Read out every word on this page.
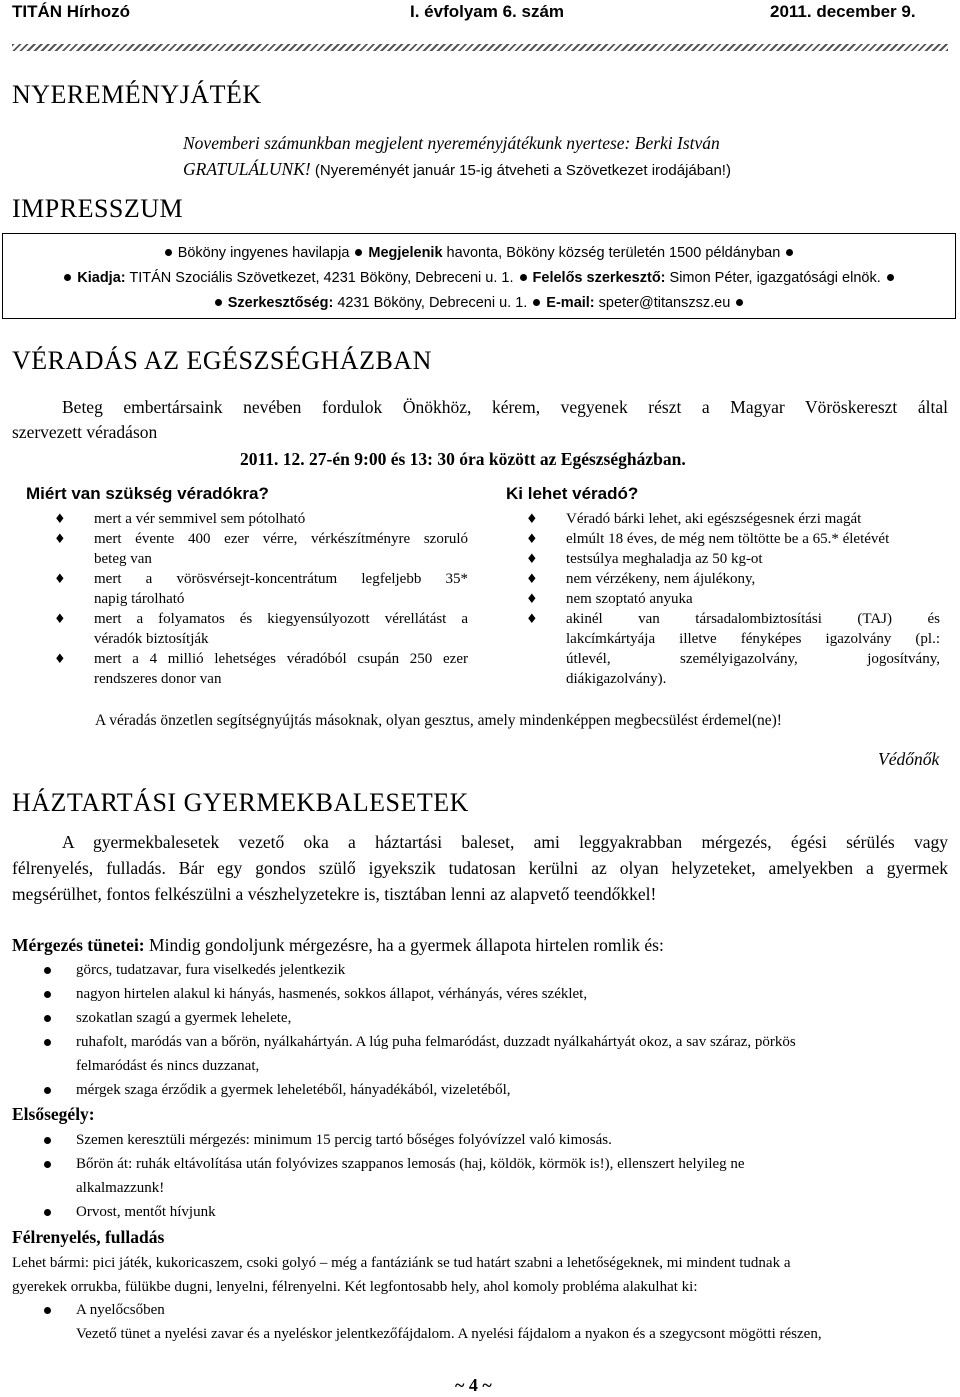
TITÁN Hírhozó	I. évfolyam 6. szám	2011. december 9.
NYEREMÉNYJÁTÉK
Novemberi számunkban megjelent nyereményjátékunk nyertese: Berki István
GRATULÁLUNK! (Nyereményét január 15-ig átveheti a Szövetkezet irodájában!)
IMPRESSZUM
Bököny ingyenes havilapja Megjelenik havonta, Bököny község területén 1500 példányban
Kiadja: TITÁN Szociális Szövetkezet, 4231 Bököny, Debreceni u. 1. Felelős szerkesztő: Simon Péter, igazgatósági elnök.
Szerkesztőség: 4231 Bököny, Debreceni u. 1. E-mail: speter@titanszsz.eu
VÉRADÁS AZ EGÉSZSÉGHÁZBAN
Beteg embertársaink nevében fordulok Önökhöz, kérem, vegyenek részt a Magyar Vöröskereszt által
szervezett véradáson
2011. 12. 27-én 9:00 és 13: 30 óra között az Egészségházban.
Miért van szükség véradókra?
♦ mert a vér semmivel sem pótolható
♦ mert évente 400 ezer vérre, vérkészítményre szoruló
beteg van
♦ mert a vörösvérsejt-koncentrátum legfeljebb 35*
napig tárolható
♦ mert a folyamatos és kiegyensúlyozott vérellátást a
véradók biztosítják
♦ mert a 4 millió lehetséges véradóból csupán 250 ezer
rendszeres donor van
Ki lehet véradó?
♦ Véradó bárki lehet, aki egészségesnek érzi magát
♦ elmúlt 18 éves, de még nem töltötte be a 65.* életévét
♦ testsúlya meghaladja az 50 kg-ot
♦ nem vérzékeny, nem ájulékony,
♦ nem szoptató anyuka
♦ akinél van társadalombiztosítási (TAJ) és
lakcímkártyája illetve fényképes igazolvány (pl.:
útlevél, személyigazolvány, jogosítvány,
diákigazolvány).
A véradás önzetlen segítségnyújtás másoknak, olyan gesztus, amely mindenképpen megbecsülést érdemel(ne)!
Védőnők
HÁZTARTÁSI GYERMEKBALESETEK
A gyermekbalesetek vezető oka a háztartási baleset, ami leggyakrabban mérgezés, égési sérülés vagy
félrenyelés, fulladás. Bár egy gondos szülő igyekszik tudatosan kerülni az olyan helyzeteket, amelyekben a gyermek
megsérülhet, fontos felkészülni a vészhelyzetekre is, tisztában lenni az alapvető teendőkkel!
Mérgezés tünetei: Mindig gondoljunk mérgezésre, ha a gyermek állapota hirtelen romlik és:
görcs, tudatzavar, fura viselkedés jelentkezik
nagyon hirtelen alakul ki hányás, hasmenés, sokkos állapot, vérhányás, véres széklet,
szokatlan szagú a gyermek lehelete,
ruhafolt, maródás van a bőrön, nyálkahártyán. A lúg puha felmaródást, duzzadt nyálkahártyát okoz, a sav száraz, pörkös
felmaródást és nincs duzzanat,
mérgek szaga érződik a gyermek leheletéből, hányadékából, vizeletéből,
Elsősegély:
Szemen keresztüli mérgezés: minimum 15 percig tartó bőséges folyóvízzel való kimosás.
Bőrön át: ruhák eltávolítása után folyóvizes szappanos lemosás (haj, köldök, körmök is!), ellenszert helyileg ne
alkalmazzunk!
Orvost, mentőt hívjunk
Félrenyelés, fulladás
Lehet bármi: pici játék, kukoricaszem, csoki golyó – még a fantáziánk se tud határt szabni a lehetőségeknek, mi mindent tudnak a
gyerekek orrukba, fülükbe dugni, lenyelni, félrenyelni. Két legfontosabb hely, ahol komoly probléma alakulhat ki:
A nyelőcsőben
Vezető tünet a nyelési zavar és a nyeléskor jelentkezőfájdalom. A nyelési fájdalom a nyakon és a szegycsont mögötti részen,
~ 4 ~
